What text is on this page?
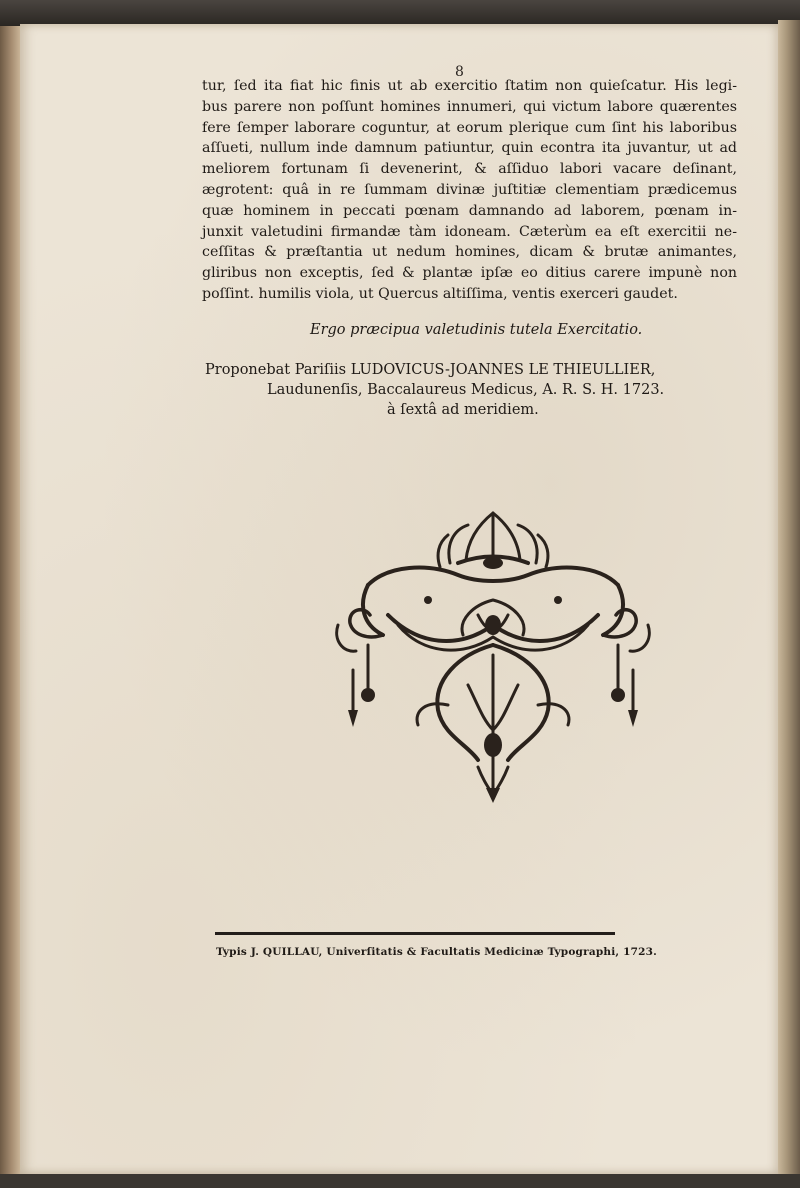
8

tur, ſed ita fiat hic finis ut ab exercitio ſtatim non quieſcatur. His legi-
bus parere non poſſunt homines innumeri, qui victum labore quærentes
fere ſemper laborare coguntur, at eorum plerique cum ſint his laboribus
aſſueti, nullum inde damnum patiuntur, quin econtra ita juvantur, ut ad
meliorem fortunam ſi devenerint, & aſſiduo labori vacare deſinant,
ægrotent: quâ in re ſummam divinæ juſtitiæ clementiam prædicemus
quæ hominem in peccati pœnam damnando ad laborem, pœnam in-
junxit valetudini firmandæ tàm idoneam. Cæterùm ea eſt exercitii ne-
ceſſitas & præſtantia ut nedum homines, dicam & brutæ animantes,
gliribus non exceptis, ſed & plantæ ipſæ eo ditius carere impunè non
poſſint. humilis viola, ut Quercus altiſſima, ventis exerceri gaudet.

Ergo præcipua valetudinis tutela Exercitatio.

Proponebat Pariſiis LUDOVICUS-JOANNES LE THIEULLIER,
Laudunenſis, Baccalaureus Medicus, A. R. S. H. 1723.
à ſextâ ad meridiem.

Typis J. QUILLAU, Univerſitatis & Facultatis Medicinæ Typographi, 1723.
